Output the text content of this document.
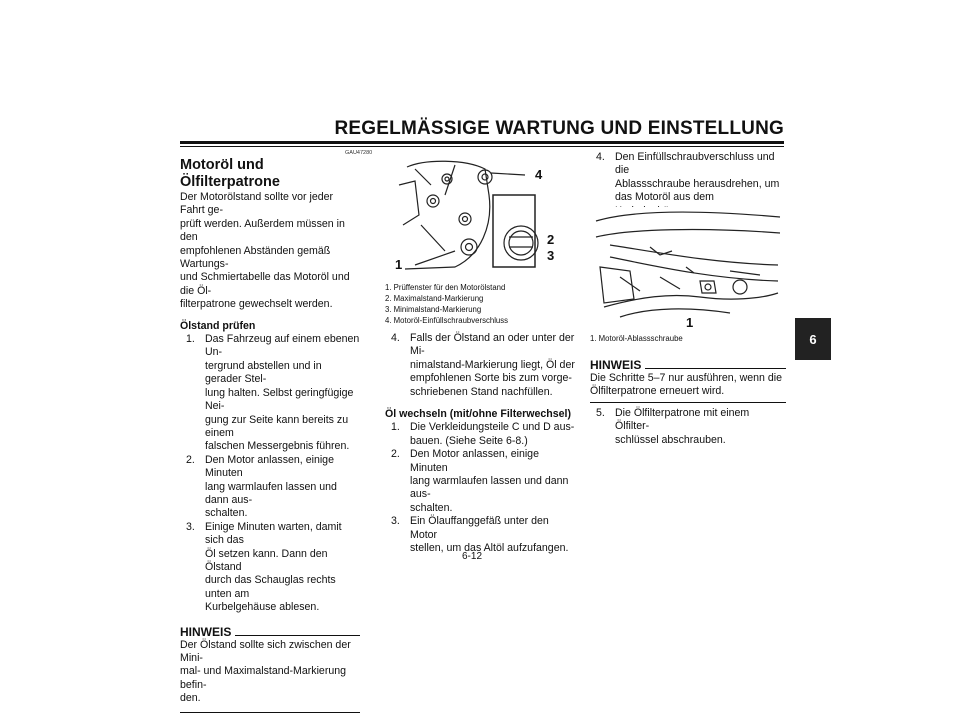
REGELMÄSSIGE WARTUNG UND EINSTELLUNG
6
GAU47280
Motoröl und Ölfilterpatrone

Der Motorölstand sollte vor jeder Fahrt ge-
prüft werden. Außerdem müssen in den
empfohlenen Abständen gemäß Wartungs-
und Schmiertabelle das Motoröl und die Öl-
filterpatrone gewechselt werden.

Ölstand prüfen
1. Das Fahrzeug auf einem ebenen Un-
tergrund abstellen und in gerader Stel-
lung halten. Selbst geringfügige Nei-
gung zur Seite kann bereits zu einem
falschen Messergebnis führen.
2. Den Motor anlassen, einige Minuten
lang warmlaufen lassen und dann aus-
schalten.
3. Einige Minuten warten, damit sich das
Öl setzen kann. Dann den Ölstand
durch das Schauglas rechts unten am
Kurbelgehäuse ablesen.
HINWEIS

Der Ölstand sollte sich zwischen der Mini-
mal- und Maximalstand-Markierung befin-
den.

4
2
3
1
1. Prüffenster für den Motorölstand
2. Maximalstand-Markierung
3. Minimalstand-Markierung
4. Motoröl-Einfüllschraubverschluss
4. Falls der Ölstand an oder unter der Mi-
nimalstand-Markierung liegt, Öl der
empfohlenen Sorte bis zum vorge-
schriebenen Stand nachfüllen.
Öl wechseln (mit/ohne Filterwechsel)
1. Die Verkleidungsteile C und D aus-
bauen. (Siehe Seite 6-8.)
2. Den Motor anlassen, einige Minuten
lang warmlaufen lassen und dann aus-
schalten.
3. Ein Ölauffanggefäß unter den Motor
stellen, um das Altöl aufzufangen.
4. Den Einfüllschraubverschluss und die
Ablassschraube herausdrehen, um
das Motoröl aus dem

1
1. Motoröl-Ablassschraube
HINWEIS

Die Schritte 5–7 nur ausführen, wenn die
Ölfilterpatrone erneuert wird.

5. Die Ölfilterpatrone mit einem Ölfilter-
schlüssel abschrauben.
6-12
